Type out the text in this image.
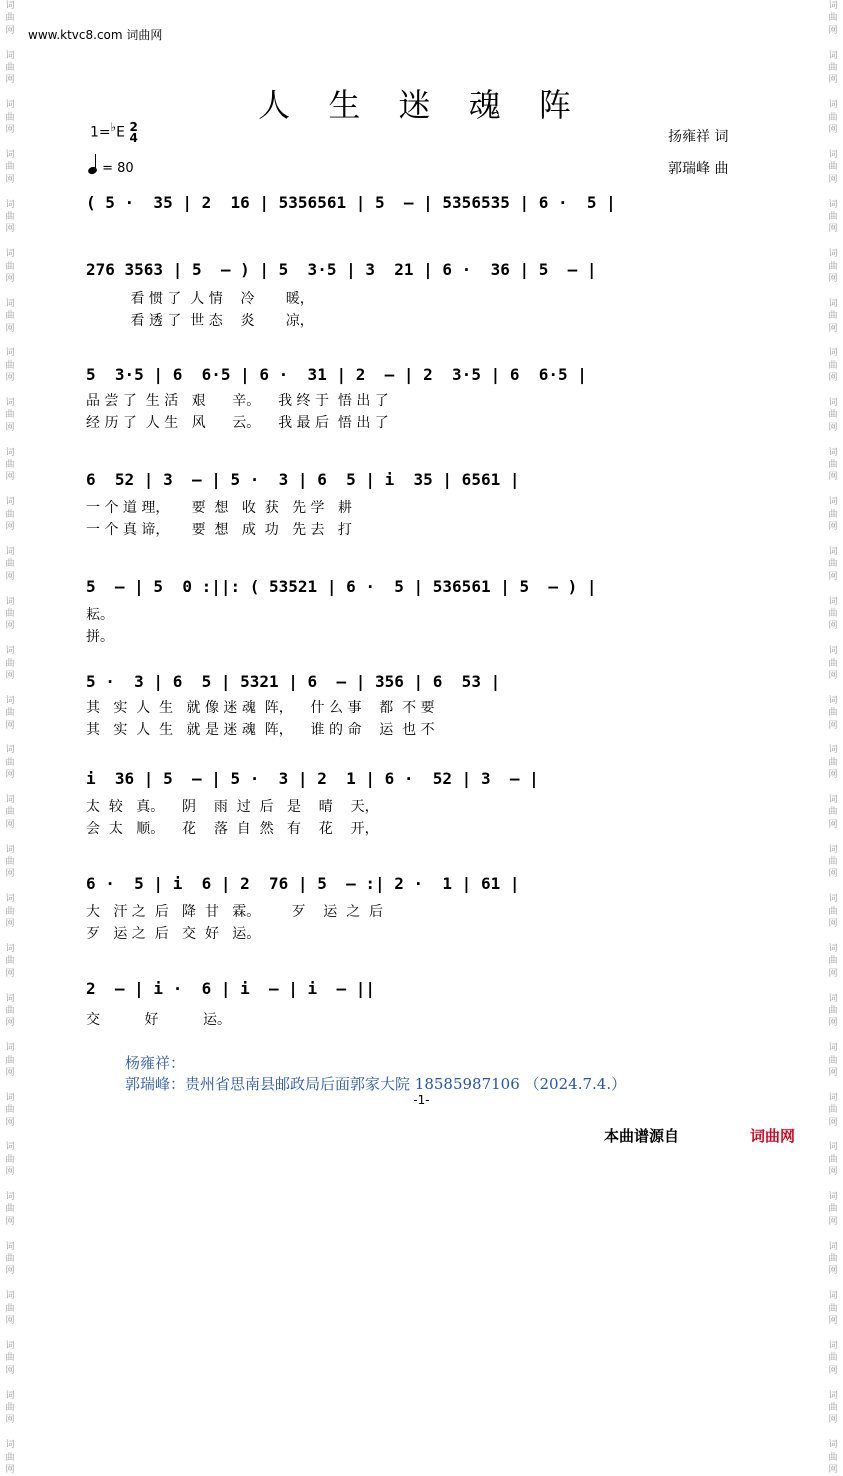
词
曲
网

词
曲
网

词
曲
网

词
曲
网

词
曲
网

词
曲
网

词
曲
网

词
曲
网

词
曲
网

词
曲
网

词
曲
网

词
曲
网

词
曲
网

词
曲
网

词
曲
网

词
曲
网

词
曲
网

词
曲
网

词
曲
网

词
曲
网

词
曲
网

词
曲
网

词
曲
网

词
曲
网

词
曲
网

词
曲
网

词
曲
网

词
曲
网

词
曲
网

词
曲
网

词
曲
网

词
曲
网

词
曲
网

词
曲
网

词
曲
网

词
曲
网

词
曲
网

词
曲
网

词
曲
网

词
曲
网

词
曲
网

词
曲
网

词
曲
网

词
曲
网

词
曲
网

词
曲
网

词
曲
网

词
曲
网

词
曲
网

词
曲
网

词
曲
网

词
曲
网

词
曲
网

词
曲
网

词
曲
网

词
曲
网

词
曲
网

词
曲
网

词
曲
网

词
曲
网

www.ktvc8.com 词曲网
人 生 迷 魂 阵
1=♭E 2
4
= 80
扬雍祥 词
郭瑞峰 曲
( 5 ·  35 | 2  16 | 5356561 | 5  – | 5356535 | 6 ·  5 |
276 3563 | 5  – ) | 5  3·5 | 3  21 | 6 ·  36 | 5  – |
看 惯 了  人 情    冷       暖，
看 透 了  世 态    炎       凉，
5  3·5 | 6  6·5 | 6 ·  31 | 2  – | 2  3·5 | 6  6·5 |
品 尝 了  生 活   艰      辛。    我 终 于  悟 出 了
经 历 了  人 生   风      云。    我 最 后  悟 出 了
6  52 | 3  – | 5 ·  3 | 6  5 | i  35 | 6561 |
一 个 道 理，     要  想   收  获   先 学   耕
一 个 真 谛，     要  想   成  功   先 去   打
5  – | 5  0 :||: ( 53521 | 6 ·  5 | 536561 | 5  – ) |
耘。
拼。
5 ·  3 | 6  5 | 5321 | 6  – | 356 | 6  53 |
其   实  人  生   就 像 迷 魂  阵，    什 么 事    都  不 要
其   实  人  生   就 是 迷 魂  阵，    谁 的 命    运  也 不
i  36 | 5  – | 5 ·  3 | 2  1 | 6 ·  52 | 3  – |
太  较   真。    阴    雨  过  后   是    晴    天，
会  太   顺。    花    落  自  然   有    花    开，
6 ·  5 | i  6 | 2  76 | 5  – :| 2 ·  1 | 61 |
大   汗 之  后   降  甘   霖。       歹    运  之  后
歹   运 之  后   交  好   运。
2  – | i ·  6 | i  – | i  – ||
交          好          运。
杨雍祥：
郭瑞峰：贵州省思南县邮政局后面郭家大院 18585987106 （2024.7.4.）
-1-
本曲谱源自	词曲网
